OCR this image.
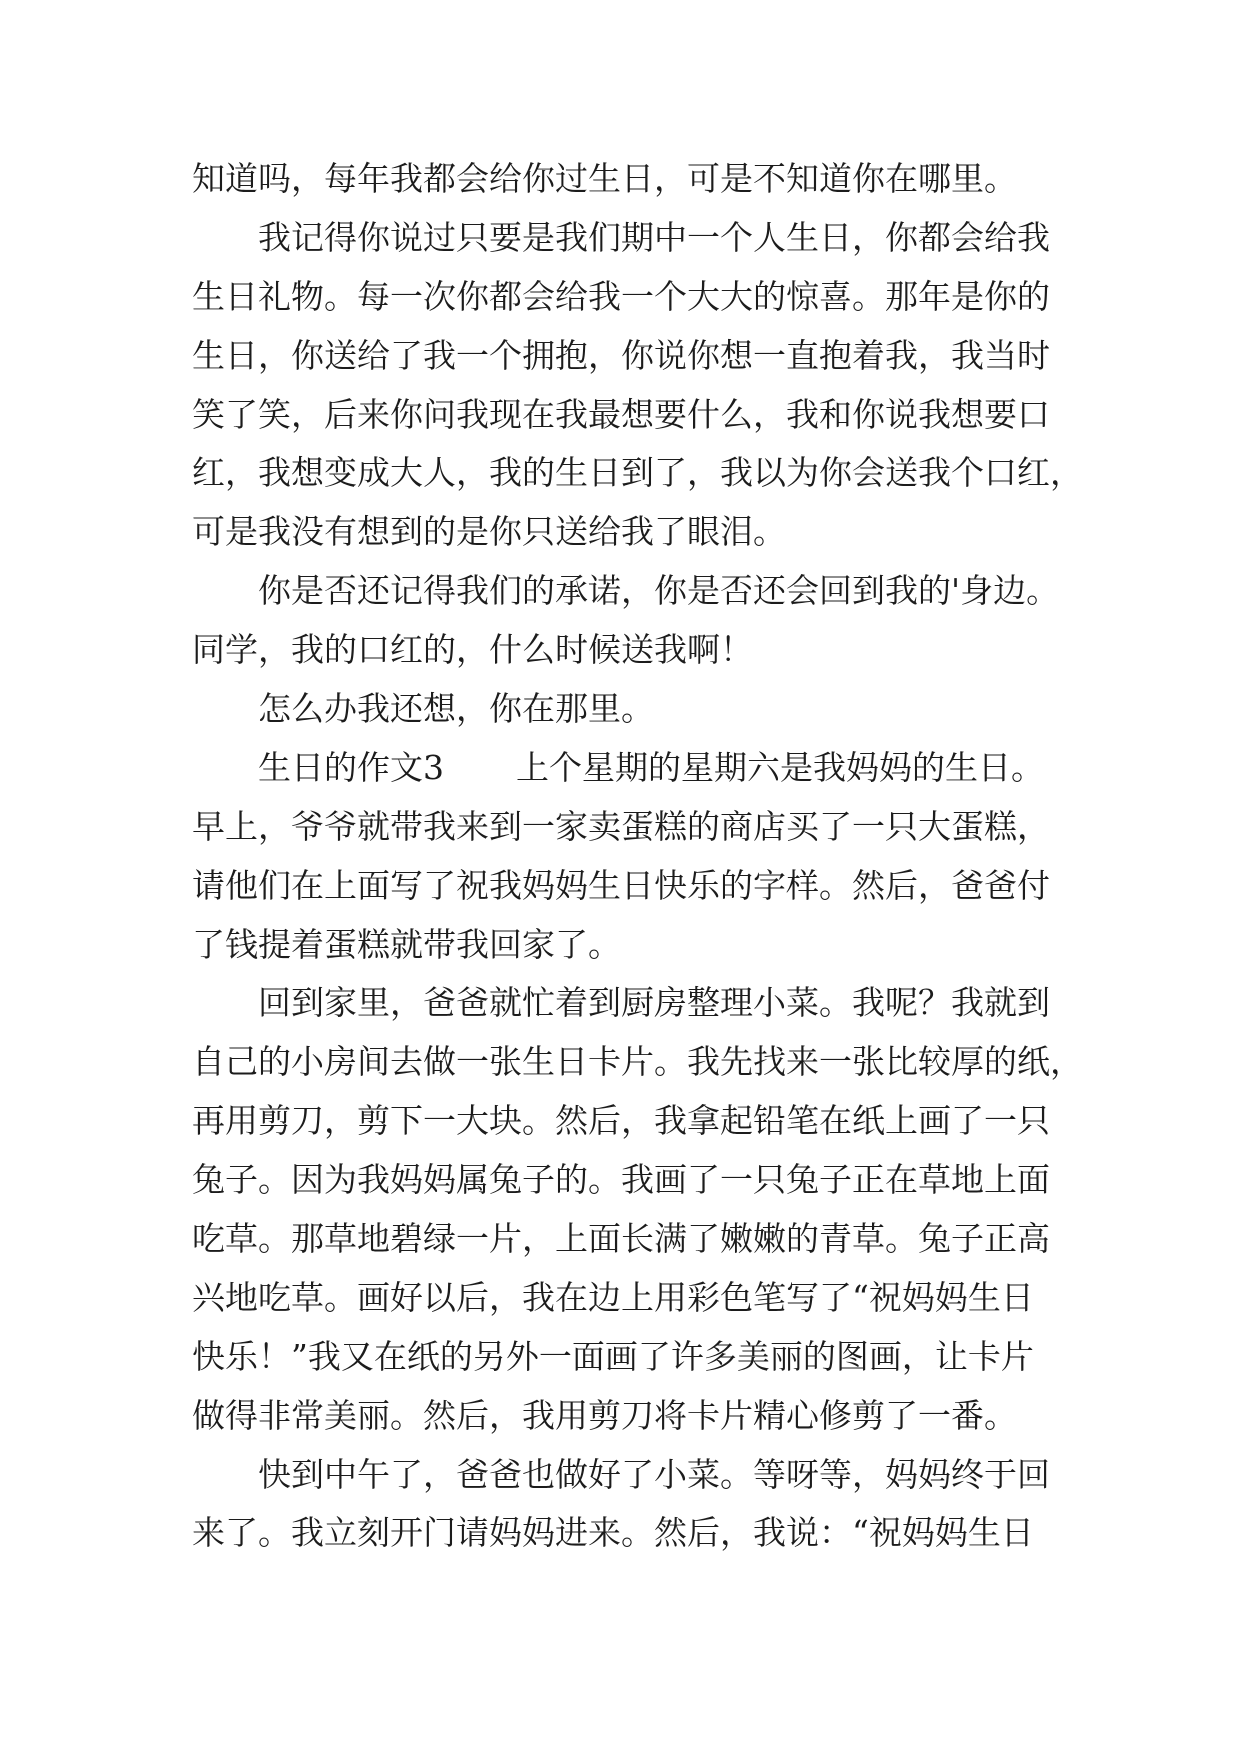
知道吗，每年我都会给你过生日，可是不知道你在哪里。
我记得你说过只要是我们期中一个人生日，你都会给我
生日礼物。每一次你都会给我一个大大的惊喜。那年是你的
生日，你送给了我一个拥抱，你说你想一直抱着我，我当时
笑了笑，后来你问我现在我最想要什么，我和你说我想要口
红，我想变成大人，我的生日到了，我以为你会送我个口红，
可是我没有想到的是你只送给我了眼泪。
你是否还记得我们的承诺，你是否还会回到我的'身边。
同学，我的口红的，什么时候送我啊！
怎么办我还想，你在那里。
生日的作文3 上个星期的星期六是我妈妈的生日。
早上，爷爷就带我来到一家卖蛋糕的商店买了一只大蛋糕，
请他们在上面写了祝我妈妈生日快乐的字样。然后，爸爸付
了钱提着蛋糕就带我回家了。
回到家里，爸爸就忙着到厨房整理小菜。我呢？我就到
自己的小房间去做一张生日卡片。我先找来一张比较厚的纸，
再用剪刀，剪下一大块。然后，我拿起铅笔在纸上画了一只
兔子。因为我妈妈属兔子的。我画了一只兔子正在草地上面
吃草。那草地碧绿一片，上面长满了嫩嫩的青草。兔子正高
兴地吃草。画好以后，我在边上用彩色笔写了“祝妈妈生日
快乐！”我又在纸的另外一面画了许多美丽的图画，让卡片
做得非常美丽。然后，我用剪刀将卡片精心修剪了一番。
快到中午了，爸爸也做好了小菜。等呀等，妈妈终于回
来了。我立刻开门请妈妈进来。然后，我说：“祝妈妈生日
